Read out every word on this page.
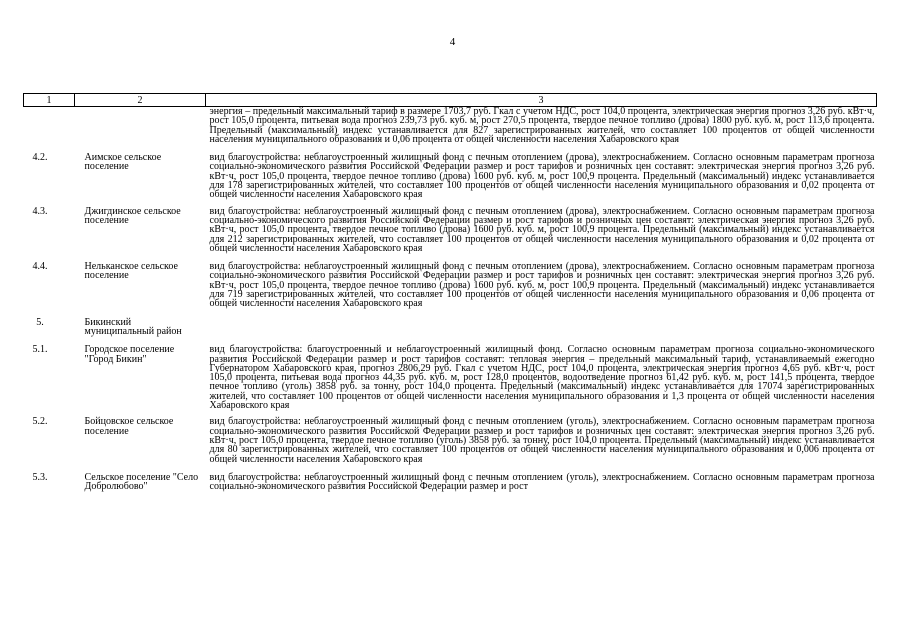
4
1	2	3
		энергия – предельный максимальный тариф в размере 1703,7 руб. Гкал с учетом НДС, рост 104,0 процента, электрическая энергия прогноз 3,26 руб. кВт·ч, рост 105,0 процента, питьевая вода прогноз 239,73 руб. куб. м, рост 270,5 процента, твердое печное топливо (дрова) 1800 руб. куб. м, рост 113,6 процента. Предельный (максимальный) индекс устанавливается для 827 зарегистрированных жителей, что составляет 100 процентов от общей численности населения муниципального образования и 0,06 процента от общей численности населения Хабаровского края
4.2.	Аимское сельское поселение	вид благоустройства: неблагоустроенный жилищный фонд с печным отоплением (дрова), электроснабжением. Согласно основным параметрам прогноза социально-экономического развития Российской Федерации размер и рост тарифов и розничных цен составят: электрическая энергия прогноз 3,26 руб. кВт·ч, рост 105,0 процента, твердое печное топливо (дрова) 1600 руб. куб. м, рост 100,9 процента. Предельный (максимальный) индекс устанавливается для 178 зарегистрированных жителей, что составляет 100 процентов от общей численности населения муниципального образования и 0,02 процента от общей численности населения Хабаровского края
4.3.	Джигдинское сельское поселение	вид благоустройства: неблагоустроенный жилищный фонд с печным отоплением (дрова), электроснабжением. Согласно основным параметрам прогноза социально-экономического развития Российской Федерации размер и рост тарифов и розничных цен составят: электрическая энергия прогноз 3,26 руб. кВт·ч, рост 105,0 процента, твердое печное топливо (дрова) 1600 руб. куб. м, рост 100,9 процента. Предельный (максимальный) индекс устанавливается для 212 зарегистрированных жителей, что составляет 100 процентов от общей численности населения муниципального образования и 0,02 процента от общей численности населения Хабаровского края
4.4.	Нельканское сельское поселение	вид благоустройства: неблагоустроенный жилищный фонд с печным отоплением (дрова), электроснабжением. Согласно основным параметрам прогноза социально-экономического развития Российской Федерации размер и рост тарифов и розничных цен составят: электрическая энергия прогноз 3,26 руб. кВт·ч, рост 105,0 процента, твердое печное топливо (дрова) 1600 руб. куб. м, рост 100,9 процента. Предельный (максимальный) индекс устанавливается для 719 зарегистрированных жителей, что составляет 100 процентов от общей численности населения муниципального образования и 0,06 процента от общей численности населения Хабаровского края
5.	Бикинский муниципальный район	
5.1.	Городское поселение "Город Бикин"	вид благоустройства: благоустроенный и неблагоустроенный жилищный фонд. Согласно основным параметрам прогноза социально-экономического развития Российской Федерации размер и рост тарифов составят: тепловая энергия – предельный максимальный тариф, устанавливаемый ежегодно Губернатором Хабаровского края, прогноз 2806,29 руб. Гкал с учетом НДС, рост 104,0 процента, электрическая энергия прогноз 4,65 руб. кВт·ч, рост 105,0 процента, питьевая вода прогноз 44,35 руб. куб. м, рост 128,0 процентов, водоотведение прогноз 61,42 руб. куб. м, рост 141,5 процента, твердое печное топливо (уголь) 3858 руб. за тонну, рост 104,0 процента. Предельный (максимальный) индекс устанавливается для 17074 зарегистрированных жителей, что составляет 100 процентов от общей численности населения муниципального образования и 1,3 процента от общей численности населения Хабаровского края
5.2.	Бойцовское сельское поселение	вид благоустройства: неблагоустроенный жилищный фонд с печным отоплением (уголь), электроснабжением. Согласно основным параметрам прогноза социально-экономического развития Российской Федерации размер и рост тарифов и розничных цен составят: электрическая энергия прогноз 3,26 руб. кВт·ч, рост 105,0 процента, твердое печное топливо (уголь) 3858 руб. за тонну, рост 104,0 процента. Предельный (максимальный) индекс устанавливается для 80 зарегистрированных жителей, что составляет 100 процентов от общей численности населения муниципального образования и 0,006 процента от общей численности населения Хабаровского края
5.3.	Сельское поселение "Село Добролюбово"	вид благоустройства: неблагоустроенный жилищный фонд с печным отоплением (уголь), электроснабжением. Согласно основным параметрам прогноза социально-экономического развития Российской Федерации размер и рост
